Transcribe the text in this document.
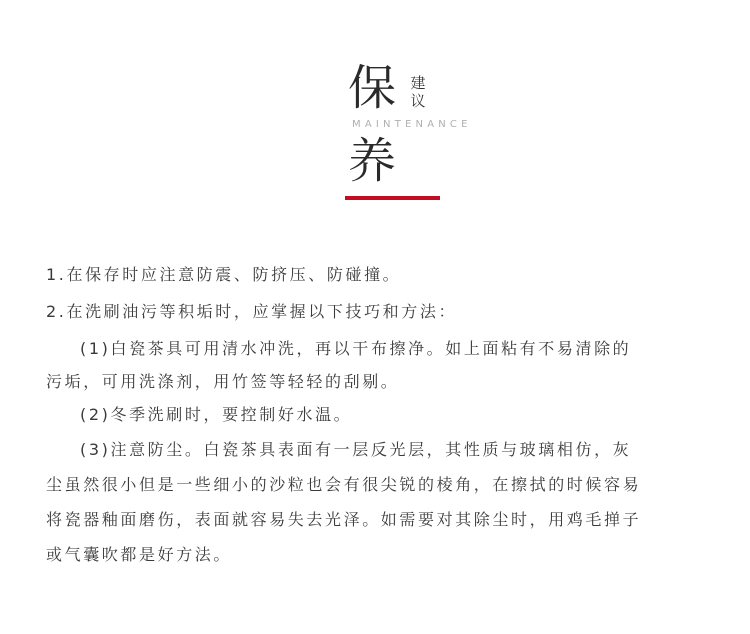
保 建
议
MAINTENANCE
养
1.在保存时应注意防震、防挤压、防碰撞。
2.在洗刷油污等积垢时，应掌握以下技巧和方法：
(1)白瓷茶具可用清水冲洗，再以干布擦净。如上面粘有不易清除的
污垢，可用洗涤剂，用竹签等轻轻的刮剔。
(2)冬季洗刷时，要控制好水温。
(3)注意防尘。白瓷茶具表面有一层反光层，其性质与玻璃相仿，灰
尘虽然很小但是一些细小的沙粒也会有很尖锐的棱角，在擦拭的时候容易
将瓷器釉面磨伤，表面就容易失去光泽。如需要对其除尘时，用鸡毛掸子
或气囊吹都是好方法。
